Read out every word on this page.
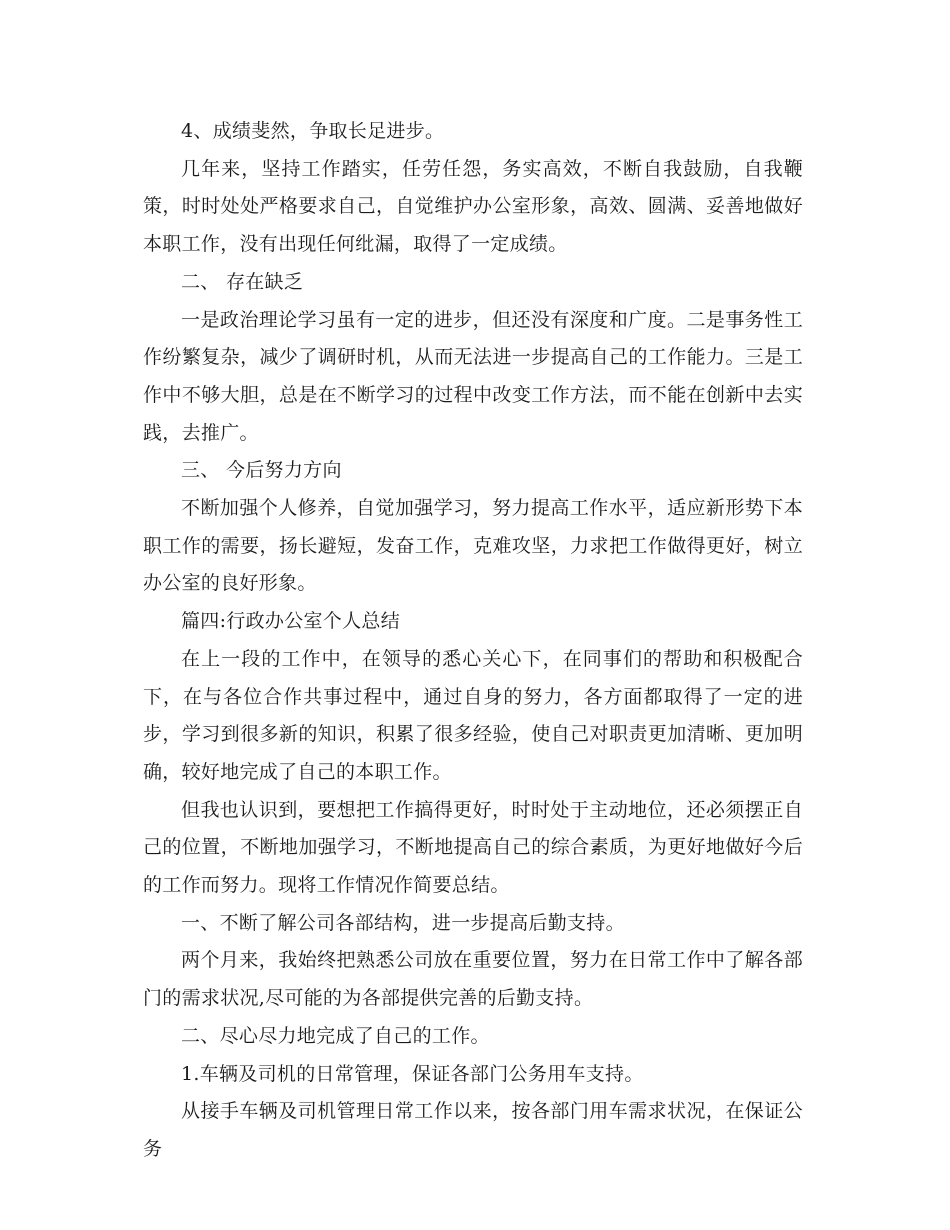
4、成绩斐然，争取长足进步。

几年来，坚持工作踏实，任劳任怨，务实高效，不断自我鼓励，自我鞭策，时时处处严格要求自己，自觉维护办公室形象，高效、圆满、妥善地做好本职工作，没有出现任何纰漏，取得了一定成绩。

二、 存在缺乏

一是政治理论学习虽有一定的进步，但还没有深度和广度。二是事务性工作纷繁复杂，减少了调研时机，从而无法进一步提高自己的工作能力。三是工作中不够大胆，总是在不断学习的过程中改变工作方法，而不能在创新中去实践，去推广。

三、 今后努力方向

不断加强个人修养，自觉加强学习，努力提高工作水平，适应新形势下本职工作的需要，扬长避短，发奋工作，克难攻坚，力求把工作做得更好，树立办公室的良好形象。

篇四:行政办公室个人总结

在上一段的工作中，在领导的悉心关心下，在同事们的帮助和积极配合下，在与各位合作共事过程中，通过自身的努力，各方面都取得了一定的进步，学习到很多新的知识，积累了很多经验，使自己对职责更加清晰、更加明确，较好地完成了自己的本职工作。

但我也认识到，要想把工作搞得更好，时时处于主动地位，还必须摆正自己的位置，不断地加强学习，不断地提高自己的综合素质，为更好地做好今后的工作而努力。现将工作情况作简要总结。

一、不断了解公司各部结构，进一步提高后勤支持。

两个月来，我始终把熟悉公司放在重要位置，努力在日常工作中了解各部门的需求状况,尽可能的为各部提供完善的后勤支持。

二、尽心尽力地完成了自己的工作。

1.车辆及司机的日常管理，保证各部门公务用车支持。

从接手车辆及司机管理日常工作以来，按各部门用车需求状况，在保证公务
